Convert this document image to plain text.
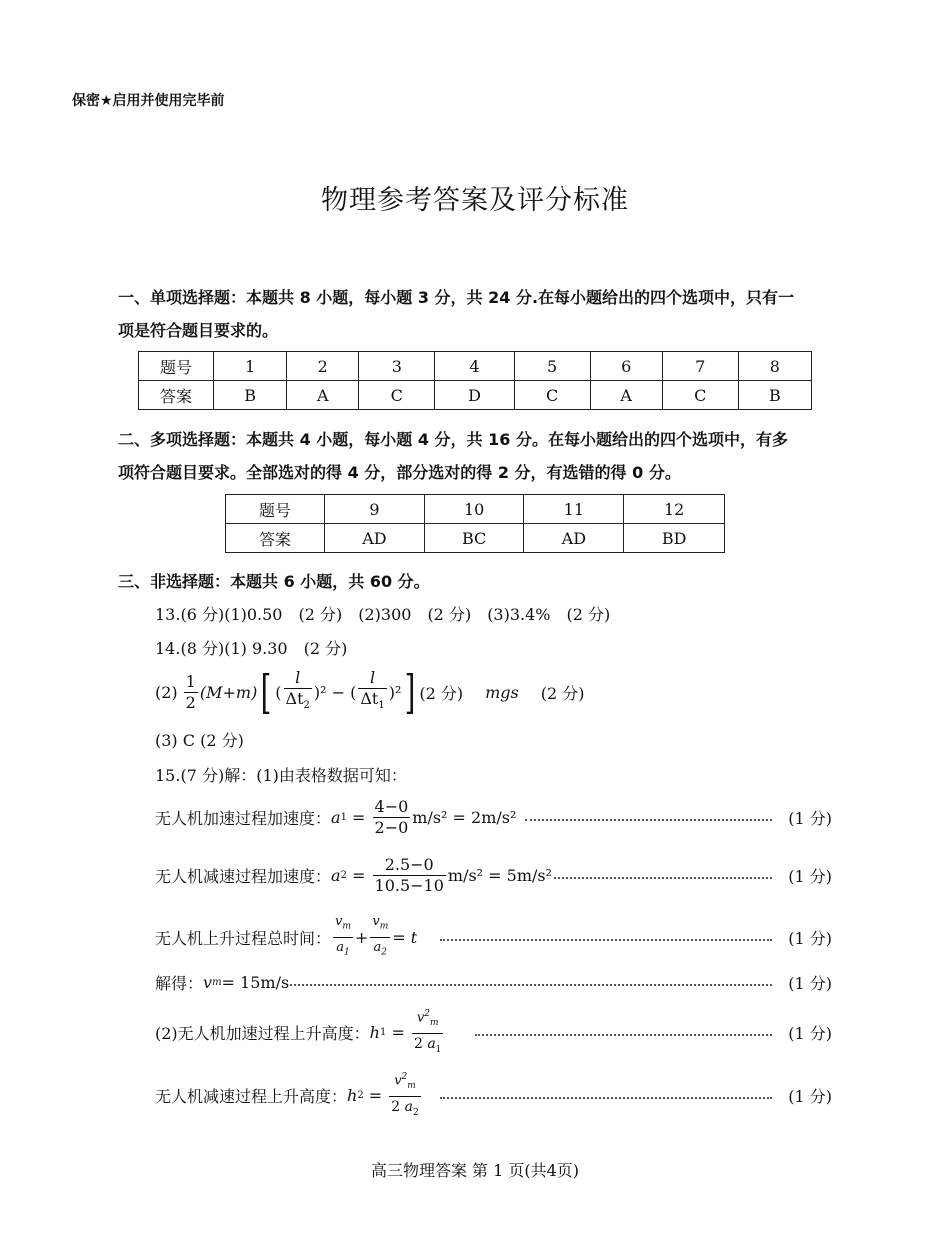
保密★启用并使用完毕前
物理参考答案及评分标准
一、单项选择题：本题共 8 小题，每小题 3 分，共 24 分.在每小题给出的四个选项中，只有一
项是符合题目要求的。
题号	1	2	3	4	5	6	7	8
答案	B	A	C	D	C	A	C	B
二、多项选择题：本题共 4 小题，每小题 4 分，共 16 分。在每小题给出的四个选项中，有多
项符合题目要求。全部选对的得 4 分，部分选对的得 2 分，有选错的得 0 分。
题号	9	10	11	12
答案	AD	BC	AD	BD
三、非选择题：本题共 6 小题，共 60 分。
13.(6 分)(1)0.50　(2 分)　(2)300　(2 分)　(3)3.4%　(2 分)
14.(8 分)(1) 9.30　(2 分)
$(2) \frac{1}{2} (M+m)$ [ ( $\frac{l}{\Delta t_2} )^2$ − ( $\frac{l}{\Delta t_1} )^2$ ] (2 分) mgs (2 分)
(3) C (2 分)
15.(7 分)解：(1)由表格数据可知：
无人机加速过程加速度： a $1 = \frac{4-0}{2-0} m/s^2 = 2m/s^2$	(1 分)
无人机减速过程加速度： a $2 = \frac{2.5-0}{10.5-10} m/s^2 = 5m/s^2$	(1 分)
无人机上升过程总时间： $\frac{v_m}{a_1} + \frac{v_m}{a_2} = t$	(1 分)
解得： v m = 15m/s	(1 分)
(2)无人机加速过程上升高度： h $1 = \frac{v^2_m}{2 a_1}$	(1 分)
无人机减速过程上升高度： h $2 = \frac{v^2_m}{2 a_2}$	(1 分)
高三物理答案 第 1 页(共4页)
